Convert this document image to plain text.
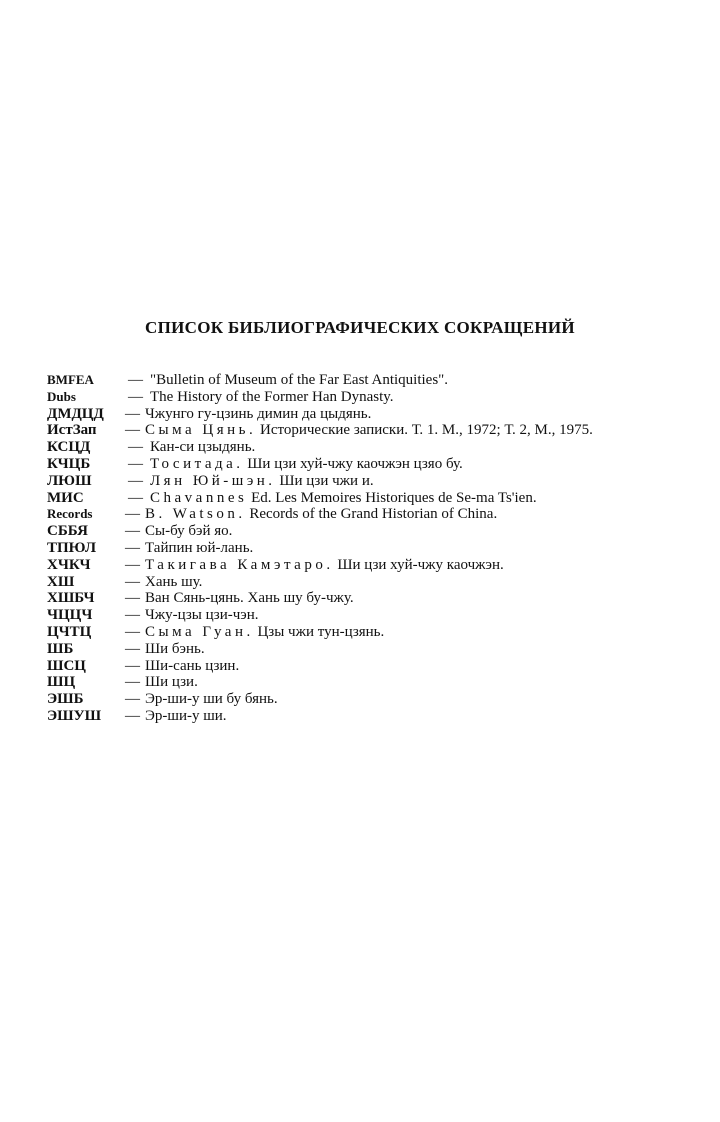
СПИСОК БИБЛИОГРАФИЧЕСКИХ СОКРАЩЕНИЙ
BMFEA	— "Bulletin of Museum of the Far East Antiquities".
Dubs	— The History of the Former Han Dynasty.
ДМДЦД	— Чжунго гу-цзинь димин да цыдянь.
ИстЗап	— Сыма Цянь. Исторические записки. Т. 1. М., 1972; Т. 2, М., 1975.
КСЦД	— Кан-си цзыдянь.
КЧЦБ	— Тоситада. Ши цзи хуй-чжу каочжэн цзяо бу.
ЛЮШ	— Лян Юй-шэн. Ши цзи чжи и.
МИС	— Chavannes Ed. Les Memoires Historiques de Se-ma Ts'ien.
Records	— B. Watson. Records of the Grand Historian of China.
СББЯ	— Сы-бу бэй яо.
ТПЮЛ	— Тайпин юй-лань.
ХЧКЧ	— Такигава Камэтаро. Ши цзи хуй-чжу каочжэн.
ХШ	— Хань шу.
ХШБЧ	— Ван Сянь-цянь. Хань шу бу-чжу.
ЧЦЦЧ	— Чжу-цзы цзи-чэн.
ЦЧТЦ	— Сыма Гуан. Цзы чжи тун-цзянь.
ШБ	— Ши бэнь.
ШСЦ	— Ши-сань цзин.
ШЦ	— Ши цзи.
ЭШБ	— Эр-ши-у ши бу бянь.
ЭШУШ	— Эр-ши-у ши.
